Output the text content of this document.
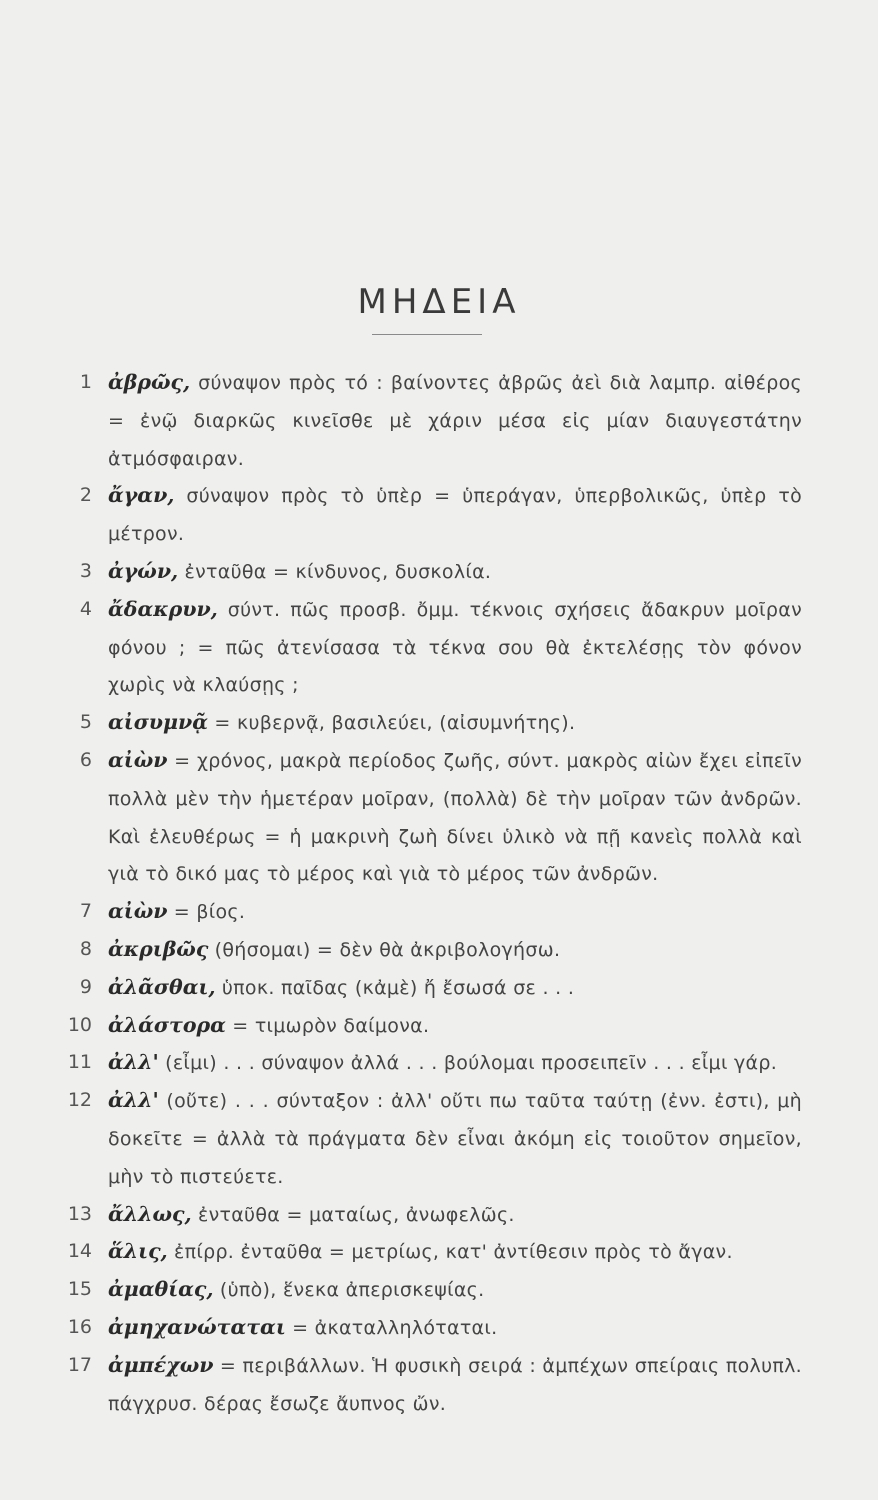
ΜΗΔΕΙΑ
1 ἀβρῶς, σύναψον πρὸς τό : βαίνοντες ἀβρῶς ἀεὶ διὰ λαμπρ. αἰθέρος = ἐνῷ διαρκῶς κινεῖσθε μὲ χάριν μέσα εἰς μίαν διαυγεστάτην ἀτμόσφαιραν.
2 ἄγαν, σύναψον πρὸς τὸ ὑπὲρ = ὑπεράγαν, ὑπερβολικῶς, ὑπὲρ τὸ μέτρον.
3 ἀγών, ἐνταῦθα = κίνδυνος, δυσκολία.
4 ἄδακρυν, σύντ. πῶς προσβ. ὄμμ. τέκνοις σχήσεις ἄδακρυν μοῖραν φόνου ; = πῶς ἀτενίσασα τὰ τέκνα σου θὰ ἐκτελέσῃς τὸν φόνον χωρὶς νὰ κλαύσῃς ;
5 αἰσυμνᾷ = κυβερνᾷ, βασιλεύει, (αἰσυμνήτης).
6 αἰὼν = χρόνος, μακρὰ περίοδος ζωῆς, σύντ. μακρὸς αἰὼν ἔχει εἰπεῖν πολλὰ μὲν τὴν ἡμετέραν μοῖραν, (πολλὰ) δὲ τὴν μοῖραν τῶν ἀνδρῶν. Καὶ ἐλευθέρως = ἡ μακρινὴ ζωὴ δίνει ὑλικὸ νὰ πῇ κανεὶς πολλὰ καὶ γιὰ τὸ δικό μας τὸ μέρος καὶ γιὰ τὸ μέρος τῶν ἀνδρῶν.
7 αἰὼν = βίος.
8 ἀκριβῶς (θήσομαι) = δὲν θὰ ἀκριβολογήσω.
9 ἀλᾶσθαι, ὑποκ. παῖδας (κἀμὲ) ἤ ἔσωσά σε . . .
10 ἀλάστορα = τιμωρὸν δαίμονα.
11 ἀλλ' (εἶμι) . . . σύναψον ἀλλά . . . βούλομαι προσειπεῖν . . . εἶμι γάρ.
12 ἀλλ' (οὔτε) . . . σύνταξον : ἀλλ' οὔτι πω ταῦτα ταύτῃ (ἐνν. ἐστι), μὴ δοκεῖτε = ἀλλὰ τὰ πράγματα δὲν εἶναι ἀκόμη εἰς τοιοῦτον σημεῖον, μὴν τὸ πιστεύετε.
13 ἄλλως, ἐνταῦθα = ματαίως, ἀνωφελῶς.
14 ἅλις, ἐπίρρ. ἐνταῦθα = μετρίως, κατ' ἀντίθεσιν πρὸς τὸ ἄγαν.
15 ἀμαθίας, (ὑπὸ), ἕνεκα ἀπερισκεψίας.
16 ἀμηχανώταται = ἀκαταλληλόταται.
17 ἀμπέχων = περιβάλλων. Ἡ φυσικὴ σειρά : ἀμπέχων σπείραις πολυπλ. πάγχρυσ. δέρας ἔσωζε ἄυπνος ὤν.
